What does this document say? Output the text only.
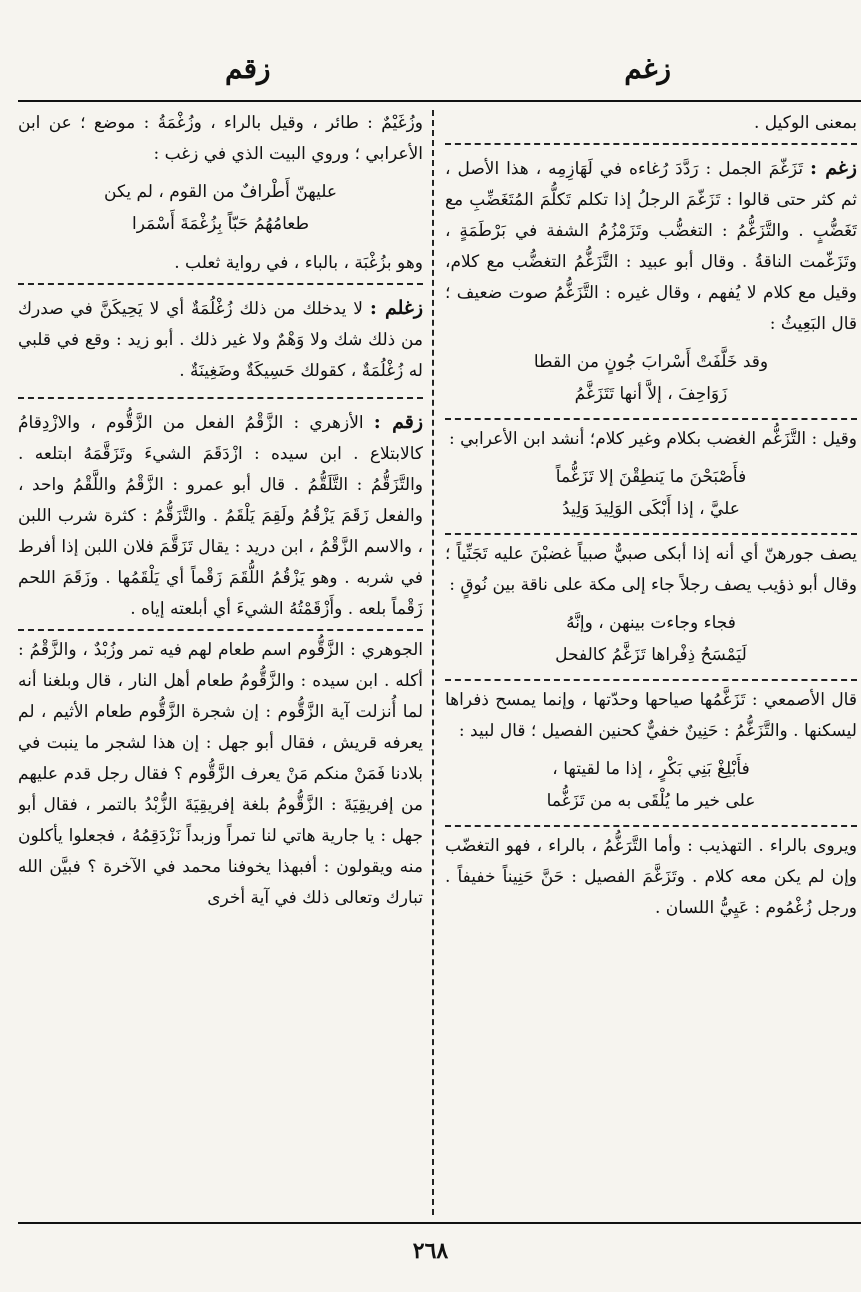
زغم
زقم

بمعنى الوكيل .

زغم : تَزَغّمَ الجمل : رَدَّدَ رُغاءه في لَهَازِمِه ، هذا الأصل ، ثم كثر حتى قالوا : تَزَغّمَ الرجلُ إذا تكلم تَكلُّمَ المُتَغَضِّبِ مع تَغَضُّبٍ . والتَّزَغُّمُ : التغضُّب وتَزَمْزُمُ الشفة في بَرْطَمَةٍ ، وتَزَغّمت الناقةُ . وقال أبو عبيد : التَّزَغُّمُ التغضُّب مع كلام، وقيل مع كلام لا يُفهم ، وقال غيره : التَّزَغُّمُ صوت ضعيف ؛ قال البَعِيثُ :

وقد خَلَّفَتْ أَسْرابَ جُونٍ من القطا
زَوَاحِفَ ، إلاَّ أنها تَتَزَغَّمُ

وقيل : التَّزَغُّم الغضب بكلام وغير كلام؛ أنشد ابن الأعرابي :

فأَصْبَحْنَ ما يَنطِقْنَ إلا تَزَغُّماً
عليَّ ، إذا أَبْكَى الوَلِيدَ وَلِيدُ

يصف جورهنّ أي أنه إذا أبكى صبيٌّ صبياً غضبْنَ عليه تَجَنِّياً ؛ وقال أبو ذؤيب يصف رجلاً جاء إلى مكة على ناقة بين نُوقٍ :

فجاء وجاءت بينهن ، وإنَّهُ
لَيَمْسَحُ ذِفْراها تَزَغَّمُ كالفحل

قال الأصمعي : تَزَغَّمُها صياحها وحدّتها ، وإنما يمسح ذفراها ليسكنها . والتَّزَغُّمُ : حَنِينٌ خفيٌّ كحنين الفصيل ؛ قال لبيد :

فأَبْلِغْ بَنِي بَكْرٍ ، إذا ما لقيتها ،
على خير ما يُلْقَى به من تَزَغُّما

ويروى بالراء . التهذيب : وأما التَّرَغُّمُ ، بالراء ، فهو التغضّب وإن لم يكن معه كلام . وتَزَغَّمَ الفصيل : حَنَّ حَنِيناً خفيفاً . ورجل زُغْمُوم : عَيِيُّ اللسان .

وزُغَيْمٌ : طائر ، وقيل بالراء ، وزُغْمَةُ : موضع ؛ عن ابن الأعرابي ؛ وروي البيت الذي في زغب :

عليهنّ أَطْرافٌ من القوم ، لم يكن
طعامُهُمُ حَبّاً بِزُغْمَةَ أَسْمَرا

وهو بزُغْبَة ، بالباء ، في رواية ثعلب .

زغلم : لا يدخلك من ذلك زُغْلُمَةٌ أي لا يَحِيكَنَّ في صدرك من ذلك شك ولا وَهْمٌ ولا غير ذلك . أبو زيد : وقع في قلبي له زُغْلُمَةٌ ، كقولك حَسِيكَةٌ وضَغِينَةٌ .

زقم : الأزهري : الزَّقْمُ الفعل من الزَّقُّوم ، والازْدِقامُ كالابتلاع . ابن سيده : ازْدَقَمَ الشيءَ وتَزَقَّمَهُ ابتلعه . والتَّزَقُّمُ : التَّلَقُّمُ . قال أبو عمرو : الزَّقْمُ واللَّقْمُ واحد ، والفعل زَقَمَ يَزْقُمُ ولَقِمَ يَلْقَمُ . والتَّزَقُّمُ : كثرة شرب اللبن ، والاسم الزَّقْمُ ، ابن دريد : يقال تَزَقَّمَ فلان اللبن إذا أفرط في شربه . وهو يَزْقُمُ اللُّقَمَ زَقْماً أي يَلْقَمُها . وزَقَمَ اللحم زَقْماً بلعه . وأَزْقَمْتُهُ الشيءَ أي أبلعته إياه .

الجوهري : الزَّقُّوم اسم طعام لهم فيه تمر وزُبْدٌ ، والزَّقْمُ : أكله . ابن سيده : والزَّقُّومُ طعام أهل النار ، قال وبلغنا أنه لما أُنزلت آية الزَّقُّوم : إن شجرة الزَّقُّوم طعام الأثيم ، لم يعرفه قريش ، فقال أبو جهل : إن هذا لشجر ما ينبت في بلادنا فَمَنْ منكم مَنْ يعرف الزَّقُّوم ؟ فقال رجل قدم عليهم من إفريقِيَةَ : الزَّقُّومُ بلغة إفريقِيَةَ الزُّبْدُ بالتمر ، فقال أبو جهل : يا جارية هاتي لنا تمراً وزبداً نَزْدَقِمُهُ ، فجعلوا يأكلون منه ويقولون : أفبهذا يخوفنا محمد في الآخرة ؟ فبيَّن الله تبارك وتعالى ذلك في آية أخرى

٢٦٨
